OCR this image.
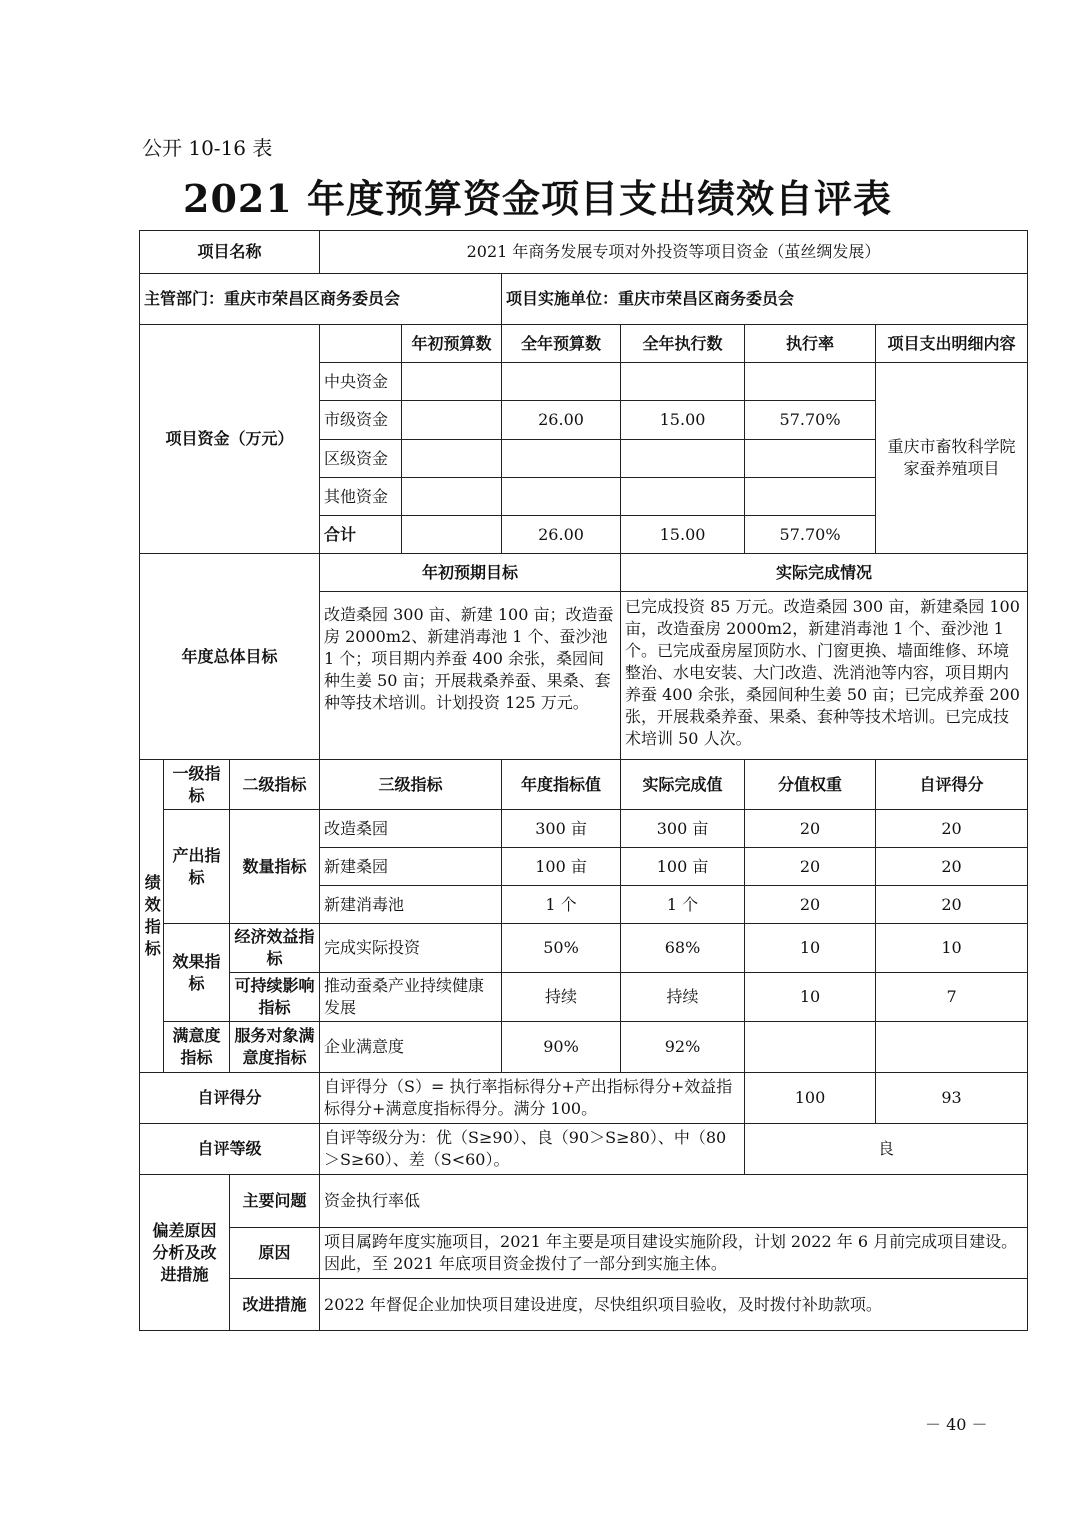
公开 10-16 表
2021 年度预算资金项目支出绩效自评表
项目名称			2021 年商务发展专项对外投资等项目资金（茧丝绸发展）					
主管部门：重庆市荣昌区商务委员会					项目实施单位：重庆市荣昌区商务委员会			
项目资金（万元）				年初预算数	全年预算数	全年执行数	执行率	项目支出明细内容
			中央资金					重庆市畜牧科学院家蚕养殖项目
			市级资金		26.00	15.00	57.70%	
			区级资金					
			其他资金					
			合计		26.00	15.00	57.70%	
年度总体目标			年初预期目标			实际完成情况		
			改造桑园 300 亩、新建 100 亩；改造蚕房 2000m2、新建消毒池 1 个、蚕沙池 1 个；项目期内养蚕 400 余张，桑园间种生姜 50 亩；开展栽桑养蚕、果桑、套种等技术培训。计划投资 125 万元。			已完成投资 85 万元。改造桑园 300 亩，新建桑园 100 亩，改造蚕房 2000m2，新建消毒池 1 个、蚕沙池 1 个。已完成蚕房屋顶防水、门窗更换、墙面维修、环境整治、水电安装、大门改造、洗消池等内容，项目期内养蚕 400 余张，桑园间种生姜 50 亩；已完成养蚕 200 张，开展栽桑养蚕、果桑、套种等技术培训。已完成技术培训 50 人次。		
绩效指标	一级指标	二级指标	三级指标		年度指标值	实际完成值	分值权重	自评得分
	产出指标	数量指标	改造桑园		300 亩	300 亩	20	20
			新建桑园		100 亩	100 亩	20	20
			新建消毒池		1 个	1 个	20	20
	效果指标	经济效益指标	完成实际投资		50%	68%	10	10
		可持续影响指标	推动蚕桑产业持续健康发展		持续	持续	10	7
	满意度指标	服务对象满意度指标	企业满意度		90%	92%		
自评得分			自评得分（S）= 执行率指标得分+产出指标得分+效益指标得分+满意度指标得分。满分 100。				100	93
自评等级			自评等级分为：优（S≥90）、良（90＞S≥80）、中（80＞S≥60）、差（S<60）。				良	
偏差原因分析及改进措施		主要问题	资金执行率低					
		原因	项目属跨年度实施项目，2021 年主要是项目建设实施阶段，计划 2022 年 6 月前完成项目建设。因此，至 2021 年底项目资金拨付了一部分到实施主体。					
		改进措施	2022 年督促企业加快项目建设进度，尽快组织项目验收，及时拨付补助款项。					
－ 40 －
